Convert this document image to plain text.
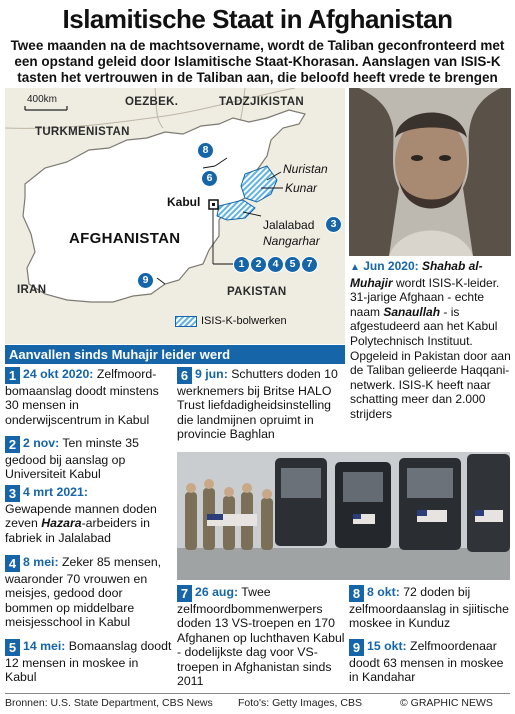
Islamitische Staat in Afghanistan
Twee maanden na de machtsovername, wordt de Taliban geconfronteerd met een opstand geleid door Islamitische Staat-Khorasan. Aanslagen van ISIS-K tasten het vertrouwen in de Taliban aan, die beloofd heeft vrede te brengen
400km	OEZBEK.	TADZJIKISTAN
TURKMENISTAN
AFGHANISTAN
IRAN	PAKISTAN
Kabul
Nuristan
Kunar
Jalalabad
Nangarhar
8
6
3
9
1	2	4	5	7
ISIS-K-bolwerken
▲ Jun 2020: Shahab al-Muhajir wordt ISIS-K-leider. 31-jarige Afghaan - echte naam Sanaullah - is afgestudeerd aan het Kabul Polytechnisch Instituut. Opgeleid in Pakistan door aan de Taliban gelieerde Haqqani-netwerk. ISIS-K heeft naar schatting meer dan 2.000 strijders
Aanvallen sinds Muhajir leider werd
1 24 okt 2020: Zelfmoord-bomaanslag doodt minstens 30 mensen in onderwijscentrum in Kabul
2 2 nov: Ten minste 35 gedood bij aanslag op Universiteit Kabul
3 4 mrt 2021:
Gewapende mannen doden zeven Hazara-arbeiders in fabriek in Jalalabad
4 8 mei: Zeker 85 mensen, waaronder 70 vrouwen en meisjes, gedood door bommen op middelbare meisjesschool in Kabul
5 14 mei: Bomaanslag doodt 12 mensen in moskee in Kabul
6 9 jun: Schutters doden 10 werknemers bij Britse HALO Trust liefdadigheidsinstelling die landmijnen opruimt in provincie Baghlan
7 26 aug: Twee zelfmoordbommenwerpers doden 13 VS-troepen en 170 Afghanen op luchthaven Kabul - dodelijkste dag voor VS-troepen in Afghanistan sinds 2011
8 8 okt: 72 doden bij zelfmoordaanslag in sjiitische moskee in Kunduz
9 15 okt: Zelfmoordenaar doodt 63 mensen in moskee in Kandahar
Bronnen: U.S. State Department, CBS News Foto's: Getty Images, CBS	© GRAPHIC NEWS
